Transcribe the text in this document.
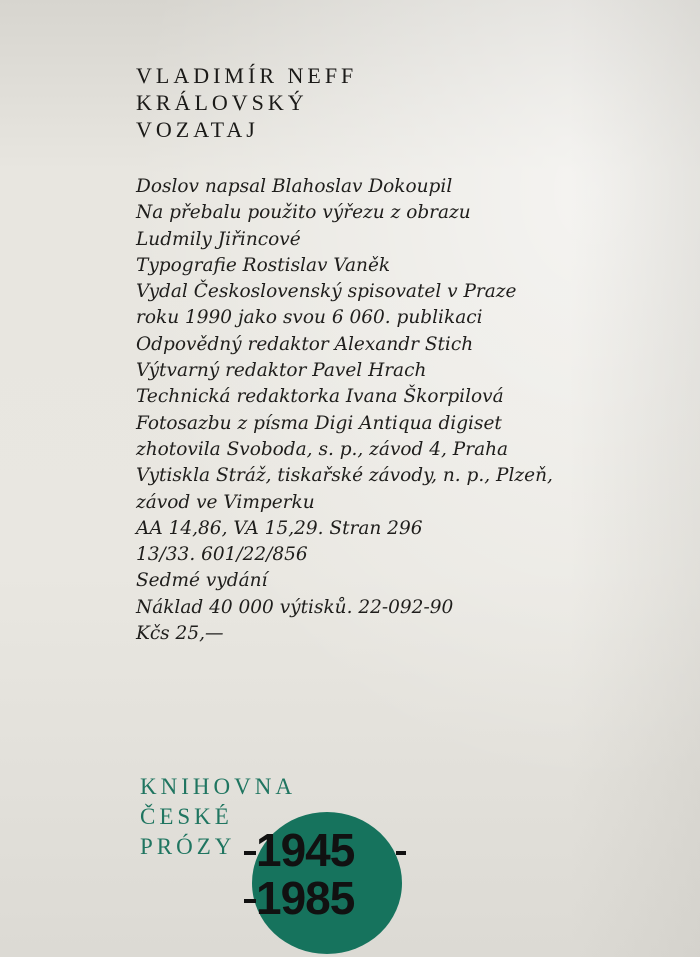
VLADIMÍR NEFF
KRÁLOVSKÝ
VOZATAJ
Doslov napsal Blahoslav Dokoupil
Na přebalu použito výřezu z obrazu
Ludmily Jiřincové
Typografie Rostislav Vaněk
Vydal Československý spisovatel v Praze
roku 1990 jako svou 6 060. publikaci
Odpovědný redaktor Alexandr Stich
Výtvarný redaktor Pavel Hrach
Technická redaktorka Ivana Škorpilová
Fotosazbu z písma Digi Antiqua digiset
zhotovila Svoboda, s. p., závod 4, Praha
Vytiskla Stráž, tiskařské závody, n. p., Plzeň,
závod ve Vimperku
AA 14,86, VA 15,29. Stran 296
13/33. 601/22/856
Sedmé vydání
Náklad 40 000 výtisků. 22-092-90
Kčs 25,—
KNIHOVNA
ČESKÉ
PRÓZY 1945
1985
